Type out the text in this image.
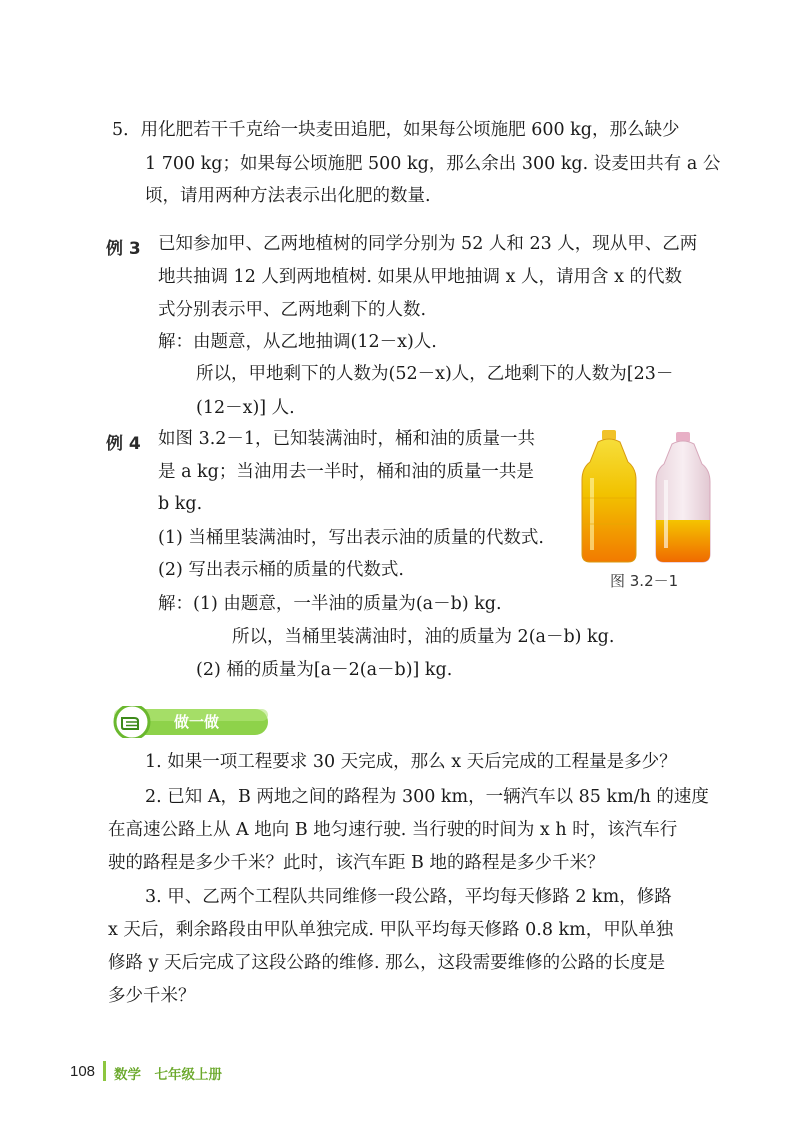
5．用化肥若干千克给一块麦田追肥，如果每公顷施肥 600 kg，那么缺少
1 700 kg；如果每公顷施肥 500 kg，那么余出 300 kg. 设麦田共有 a 公
顷，请用两种方法表示出化肥的数量.
例 3 已知参加甲、乙两地植树的同学分别为 52 人和 23 人，现从甲、乙两
地共抽调 12 人到两地植树. 如果从甲地抽调 x 人，请用含 x 的代数
式分别表示甲、乙两地剩下的人数.
解：由题意，从乙地抽调(12－x)人.
所以，甲地剩下的人数为(52－x)人，乙地剩下的人数为[23－
(12－x)] 人.
例 4 如图 3.2－1，已知装满油时，桶和油的质量一共
是 a kg；当油用去一半时，桶和油的质量一共是
b kg.
(1) 当桶里装满油时，写出表示油的质量的代数式.
(2) 写出表示桶的质量的代数式.
解：(1) 由题意，一半油的质量为(a－b) kg.
所以，当桶里装满油时，油的质量为 2(a－b) kg.
(2) 桶的质量为[a－2(a－b)] kg.
图 3.2－1
做一做
1. 如果一项工程要求 30 天完成，那么 x 天后完成的工程量是多少？
2. 已知 A，B 两地之间的路程为 300 km，一辆汽车以 85 km/h 的速度
在高速公路上从 A 地向 B 地匀速行驶. 当行驶的时间为 x h 时，该汽车行
驶的路程是多少千米？此时，该汽车距 B 地的路程是多少千米？
3. 甲、乙两个工程队共同维修一段公路，平均每天修路 2 km，修路
x 天后，剩余路段由甲队单独完成. 甲队平均每天修路 0.8 km，甲队单独
修路 y 天后完成了这段公路的维修. 那么，这段需要维修的公路的长度是
多少千米？
108 数学　七年级上册
